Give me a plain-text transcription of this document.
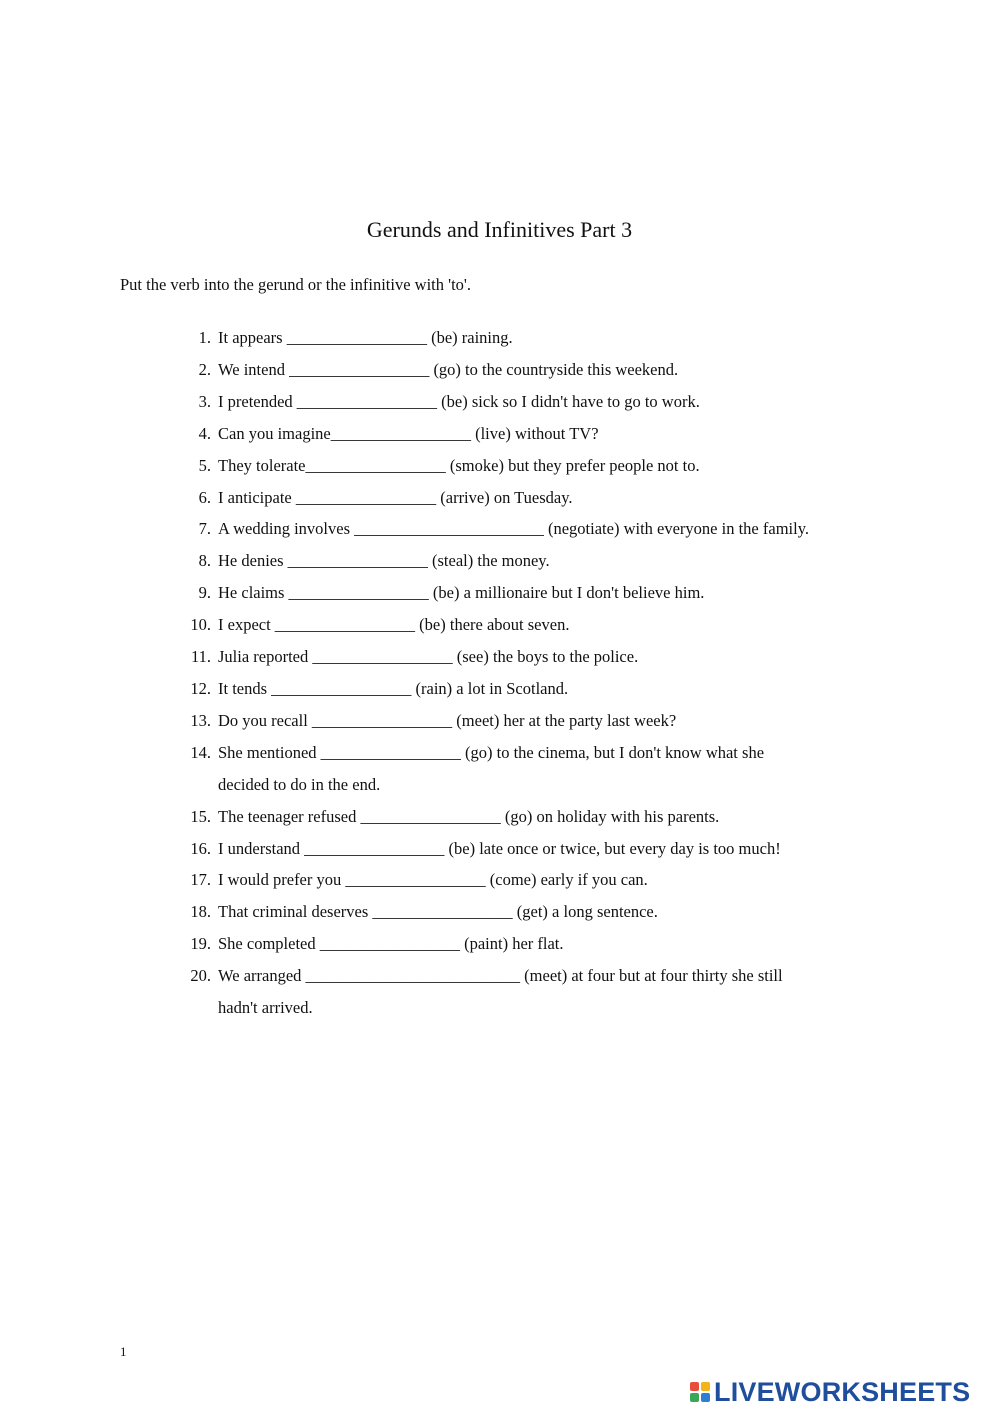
Gerunds and Infinitives Part 3
Put the verb into the gerund or the infinitive with 'to'.
1. It appears _________________ (be) raining.
2. We intend _________________ (go) to the countryside this weekend.
3. I pretended _________________ (be) sick so I didn't have to go to work.
4. Can you imagine_________________ (live) without TV?
5. They tolerate_________________ (smoke) but they prefer people not to.
6. I anticipate _________________ (arrive) on Tuesday.
7. A wedding involves _______________________ (negotiate) with everyone in the family.
8. He denies _________________ (steal) the money.
9. He claims _________________ (be) a millionaire but I don't believe him.
10. I expect _________________ (be) there about seven.
11. Julia reported _________________ (see) the boys to the police.
12. It tends _________________ (rain) a lot in Scotland.
13. Do you recall _________________ (meet) her at the party last week?
14. She mentioned _________________ (go) to the cinema, but I don't know what she
decided to do in the end.
15. The teenager refused _________________ (go) on holiday with his parents.
16. I understand _________________ (be) late once or twice, but every day is too much!
17. I would prefer you _________________ (come) early if you can.
18. That criminal deserves _________________ (get) a long sentence.
19. She completed _________________ (paint) her flat.
20. We arranged __________________________ (meet) at four but at four thirty she still
hadn't arrived.
1
LIVEWORKSHEETS
